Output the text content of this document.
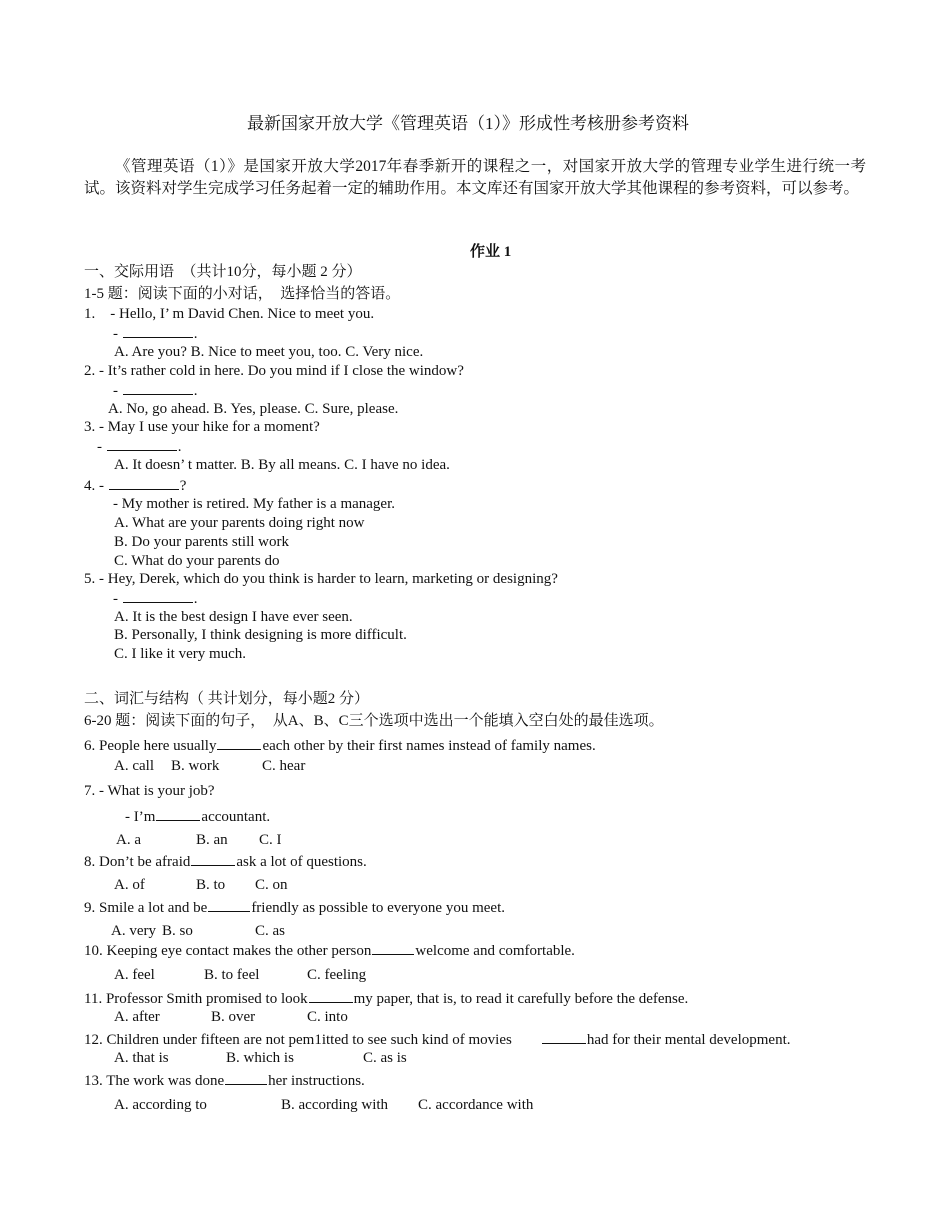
最新国家开放大学《管理英语（1）》形成性考核册参考资料
《管理英语（1）》是国家开放大学2017年春季新开的课程之一，对国家开放大学的管理专业学生进行统一考试。该资料对学生完成学习任务起着一定的辅助作用。本文库还有国家开放大学其他课程的参考资料，可以参考。
作业 1
一、交际用语　（共计10分，每小题 2 分）
1-5 题：阅读下面的小对话，　选择恰当的答语。
1.　- Hello, I’ m David Chen. Nice to meet you.
-	.
A. Are you? B. Nice to meet you, too. C. Very nice.
2. - It’s rather cold in here. Do you mind if I close the window?
-	.
A. No, go ahead. B. Yes, please. C. Sure, please.
3. - May I use your hike for a moment?
-	.
A. It doesn’ t matter. B. By all means. C. I have no idea.
4. -	?
- My mother is retired. My father is a manager.
A. What are your parents doing right now
B. Do your parents still work
C. What do your parents do
5. - Hey, Derek, which do you think is harder to learn, marketing or designing?
-	.
A. It is the best design I have ever seen.
B. Personally, I think designing is more difficult.
C. I like it very much.
二、词汇与结构（ 共计划分，每小题2 分）
6-20 题：阅读下面的句子，　从A、B、C三个选项中选出一个能填入空白处的最佳选项。
6. People here usually	each other by their first names instead of family names.
A. call B. work	C. hear
7. - What is your job?
- I’m	accountant.
A. a	B. an C. I
8. Don’t be afraid	ask a lot of questions.
A. of	B. to C. on
9. Smile a lot and be	friendly as possible to everyone you meet.
A. very B. so	C. as
10. Keeping eye contact makes the other person	welcome and comfortable.
A. feel	B. to feel	C. feeling
11. Professor Smith promised to look	my paper, that is, to read it carefully before the defense.
A. after	B. over	C. into
12. Children under fifteen are not pem1itted to see such kind of movies	had for their mental development.
A. that is	B. which is	C. as is
13. The work was done	her instructions.
A. according to	B. according with C. accordance with
